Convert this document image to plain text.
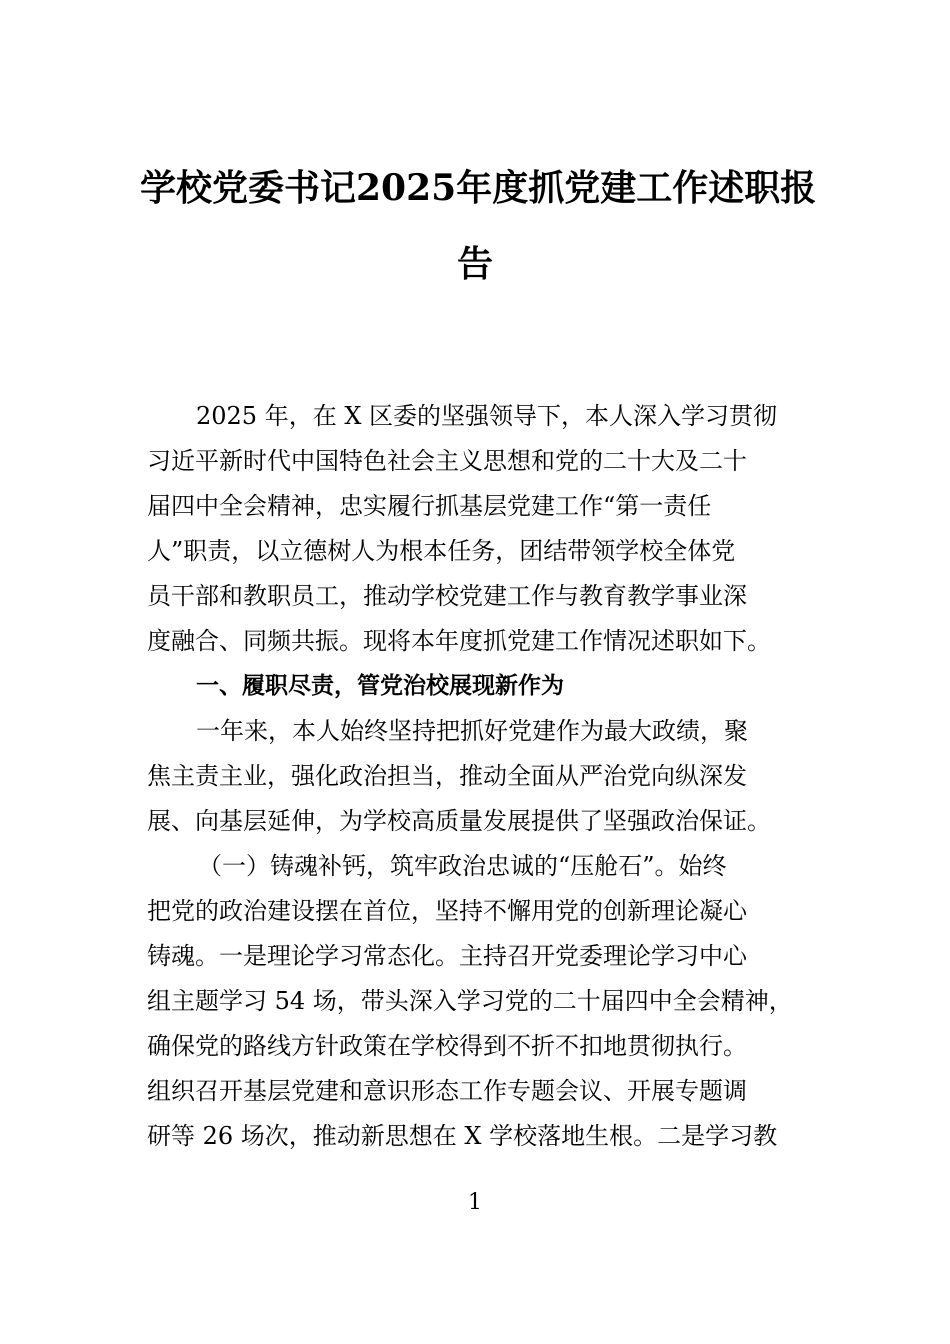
学校党委书记2025年度抓党建工作述职报
告
2025 年，在 X 区委的坚强领导下，本人深入学习贯彻
习近平新时代中国特色社会主义思想和党的二十大及二十
届四中全会精神，忠实履行抓基层党建工作“第一责任
人”职责，以立德树人为根本任务，团结带领学校全体党
员干部和教职员工，推动学校党建工作与教育教学事业深
度融合、同频共振。现将本年度抓党建工作情况述职如下。
一、履职尽责，管党治校展现新作为
一年来，本人始终坚持把抓好党建作为最大政绩，聚
焦主责主业，强化政治担当，推动全面从严治党向纵深发
展、向基层延伸，为学校高质量发展提供了坚强政治保证。
（一）铸魂补钙，筑牢政治忠诚的“压舱石”。始终
把党的政治建设摆在首位，坚持不懈用党的创新理论凝心
铸魂。一是理论学习常态化。主持召开党委理论学习中心
组主题学习 54 场，带头深入学习党的二十届四中全会精神，
确保党的路线方针政策在学校得到不折不扣地贯彻执行。
组织召开基层党建和意识形态工作专题会议、开展专题调
研等 26 场次，推动新思想在 X 学校落地生根。二是学习教
1
